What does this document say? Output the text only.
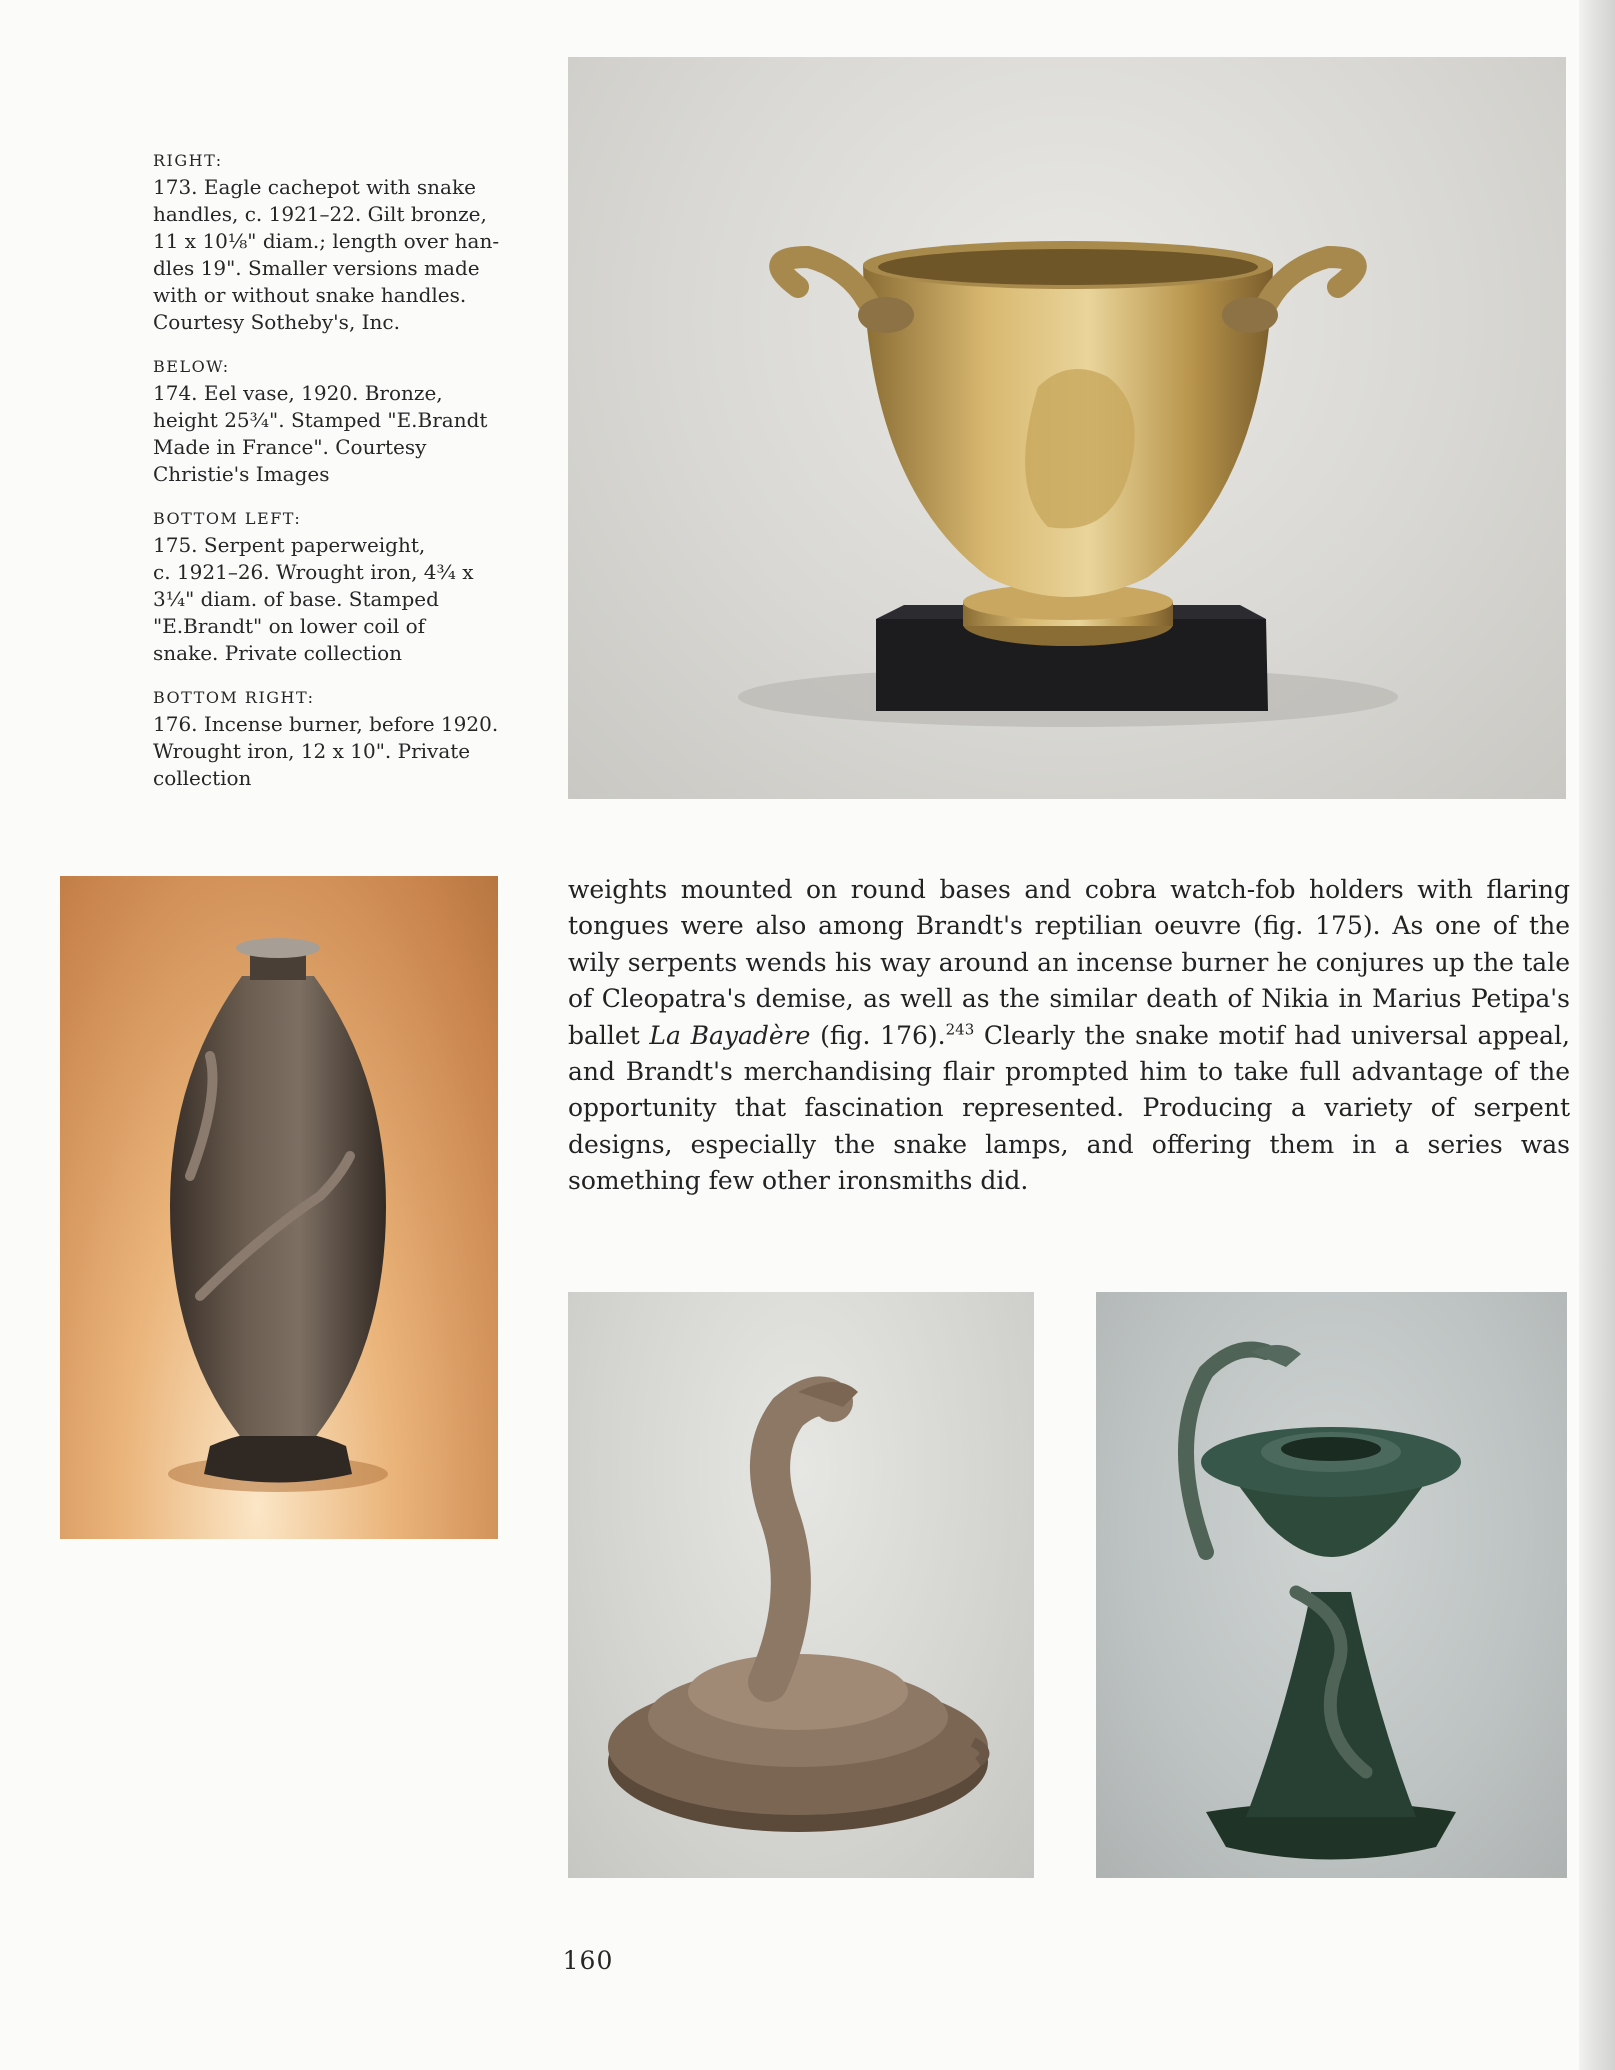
RIGHT:
173. Eagle cachepot with snake
handles, c. 1921–22. Gilt bronze,
11 x 10⅛" diam.; length over han-
dles 19". Smaller versions made
with or without snake handles.
Courtesy Sotheby's, Inc.
BELOW:
174. Eel vase, 1920. Bronze,
height 25¾". Stamped "E.Brandt
Made in France". Courtesy
Christie's Images
BOTTOM LEFT:
175. Serpent paperweight,
c. 1921–26. Wrought iron, 4¾ x
3¼" diam. of base. Stamped
"E.Brandt" on lower coil of
snake. Private collection
BOTTOM RIGHT:
176. Incense burner, before 1920.
Wrought iron, 12 x 10". Private
collection
weights mounted on round bases and cobra watch-fob holders with flaring tongues were also among Brandt's reptilian oeuvre (fig. 175). As one of the wily serpents wends his way around an incense burner he conjures up the tale of Cleopatra's demise, as well as the similar death of Nikia in Marius Petipa's ballet La Bayadère (fig. 176).$^{243}$ Clearly the snake motif had universal appeal, and Brandt's merchandising flair prompted him to take full advantage of the opportunity that fascination represented. Producing a variety of serpent designs, especially the snake lamps, and offering them in a series was something few other ironsmiths did.
160
